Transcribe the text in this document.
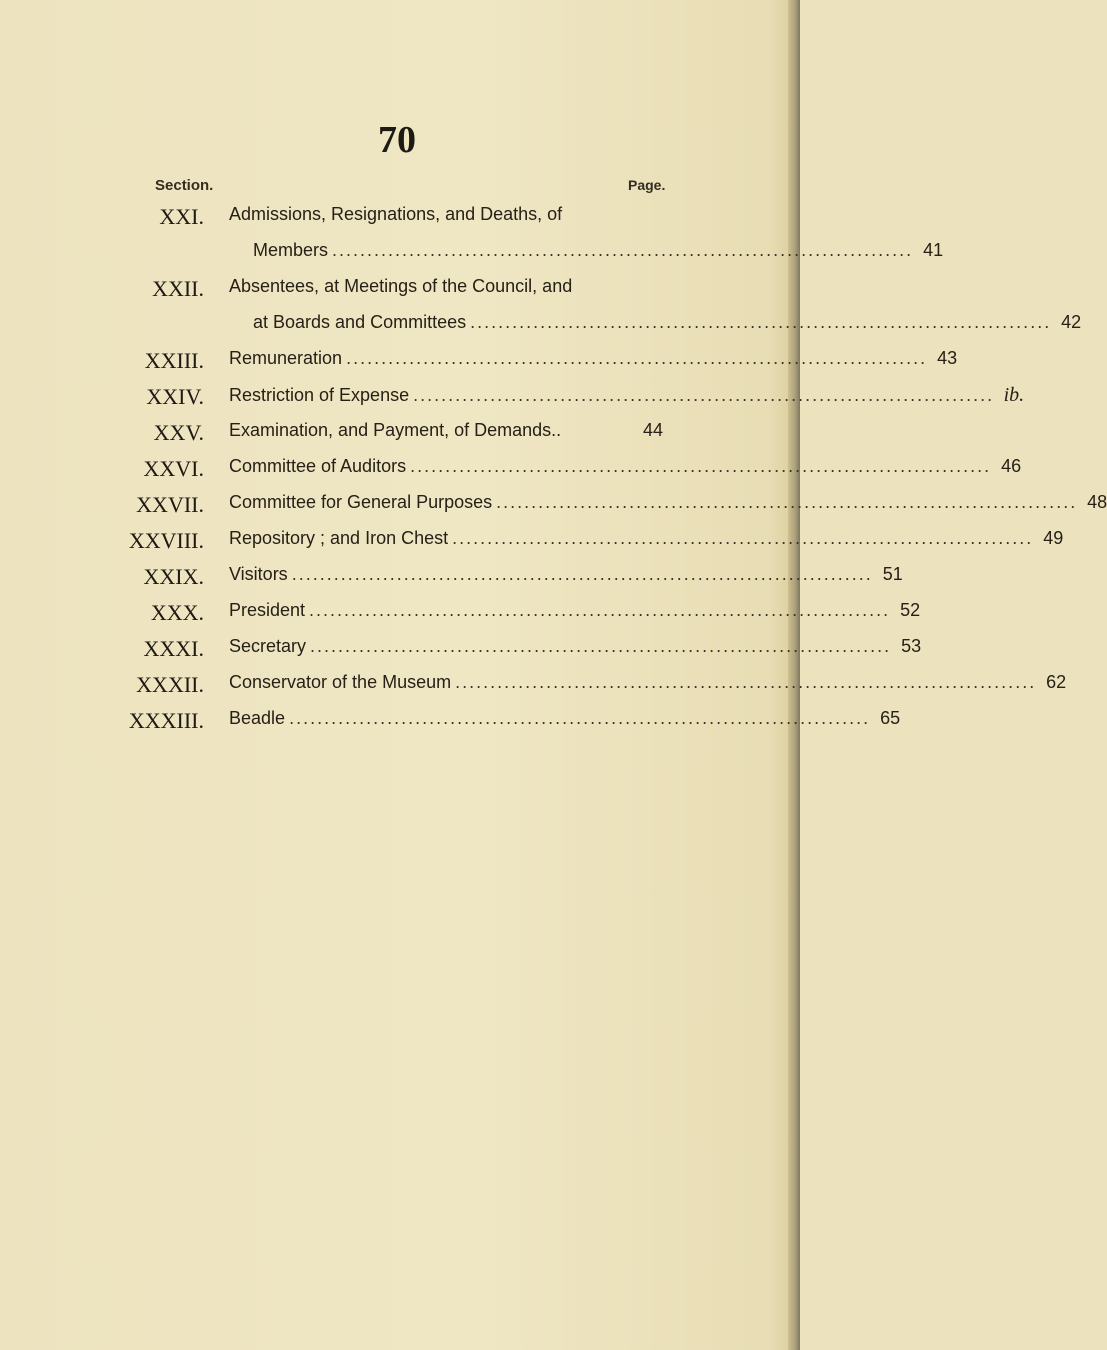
70
Section.	Page.
XXI. Admissions, Resignations, and Deaths, of
Members ................................................................................... 41
XXII. Absentees, at Meetings of the Council, and
at Boards and Committees ................................................................................... 42
XXIII. Remuneration ................................................................................... 43
XXIV. Restriction of Expense ................................................................................... ib.
XXV. Examination, and Payment, of Demands..	44
XXVI. Committee of Auditors ................................................................................... 46
XXVII. Committee for General Purposes ................................................................................... 48
XXVIII. Repository ; and Iron Chest ................................................................................... 49
XXIX. Visitors ................................................................................... 51
XXX. President ................................................................................... 52
XXXI. Secretary ................................................................................... 53
XXXII. Conservator of the Museum ................................................................................... 62
XXXIII. Beadle ................................................................................... 65
